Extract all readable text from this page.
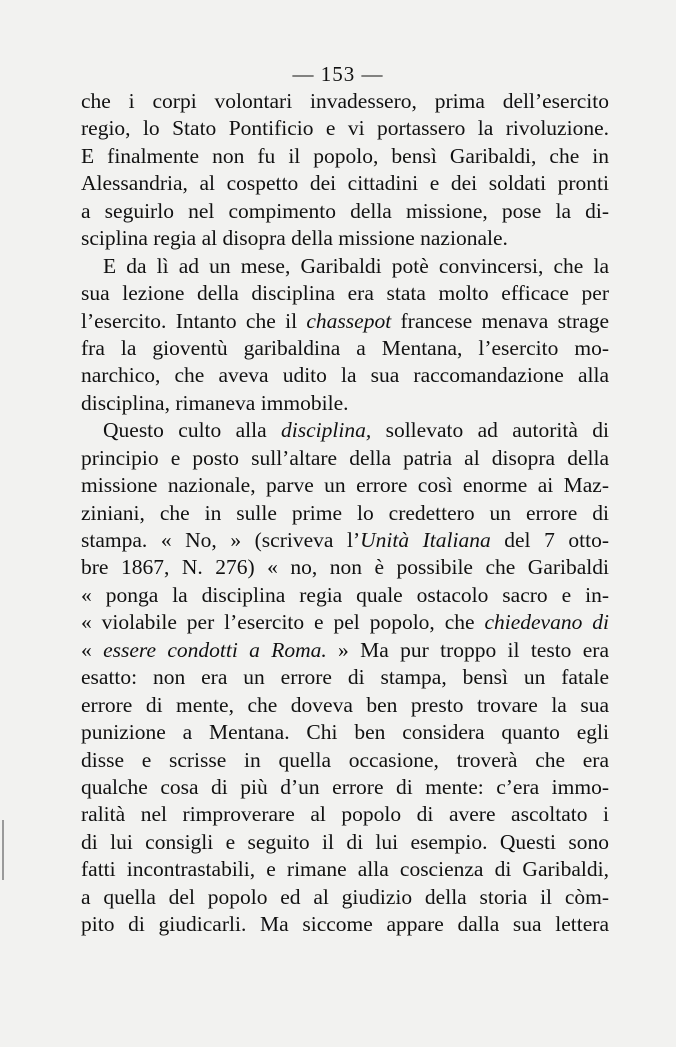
— 153 —
che i corpi volontari invadessero, prima dell’esercito
regio, lo Stato Pontificio e vi portassero la rivoluzione.
E finalmente non fu il popolo, bensì Garibaldi, che in
Alessandria, al cospetto dei cittadini e dei soldati pronti
a seguirlo nel compimento della missione, pose la di-
sciplina regia al disopra della missione nazionale.
E da lì ad un mese, Garibaldi potè convincersi, che la
sua lezione della disciplina era stata molto efficace per
l’esercito. Intanto che il chassepot francese menava strage
fra la gioventù garibaldina a Mentana, l’esercito mo-
narchico, che aveva udito la sua raccomandazione alla
disciplina, rimaneva immobile.
Questo culto alla disciplina, sollevato ad autorità di
principio e posto sull’altare della patria al disopra della
missione nazionale, parve un errore così enorme ai Maz-
ziniani, che in sulle prime lo credettero un errore di
stampa. « No, » (scriveva l’Unità Italiana del 7 otto-
bre 1867, N. 276) « no, non è possibile che Garibaldi
« ponga la disciplina regia quale ostacolo sacro e in-
« violabile per l’esercito e pel popolo, che chiedevano di
« essere condotti a Roma. » Ma pur troppo il testo era
esatto: non era un errore di stampa, bensì un fatale
errore di mente, che doveva ben presto trovare la sua
punizione a Mentana. Chi ben considera quanto egli
disse e scrisse in quella occasione, troverà che era
qualche cosa di più d’un errore di mente: c’era immo-
ralità nel rimproverare al popolo di avere ascoltato i
di lui consigli e seguito il di lui esempio. Questi sono
fatti incontrastabili, e rimane alla coscienza di Garibaldi,
a quella del popolo ed al giudizio della storia il còm-
pito di giudicarli. Ma siccome appare dalla sua lettera
